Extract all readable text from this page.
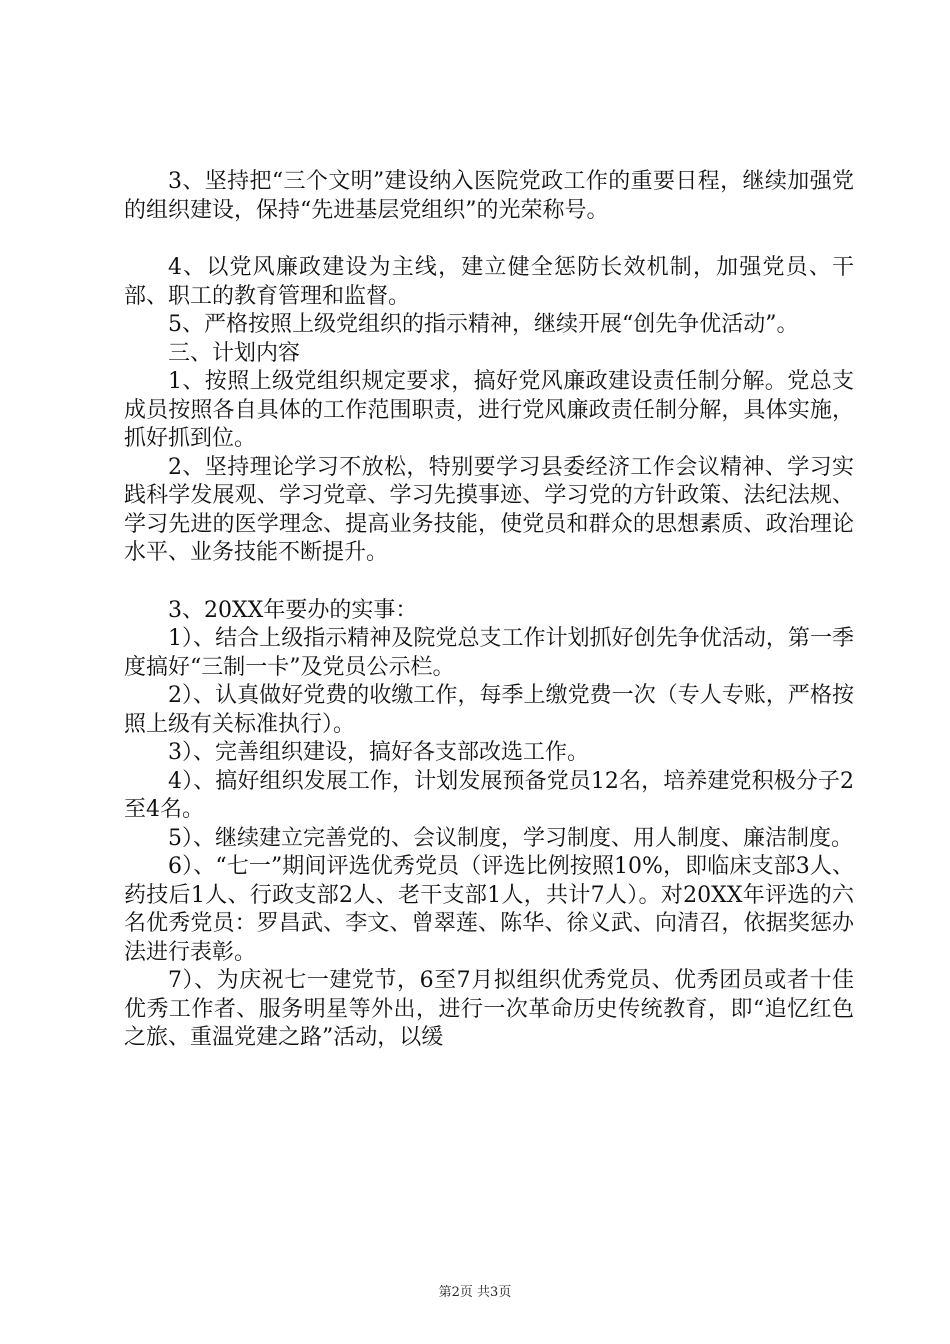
3、坚持把“三个文明”建设纳入医院党政工作的重要日程，继续加强党的组织建设，保持“先进基层党组织”的光荣称号。

4、以党风廉政建设为主线，建立健全惩防长效机制，加强党员、干部、职工的教育管理和监督。

5、严格按照上级党组织的指示精神，继续开展“创先争优活动”。

三、计划内容

1、按照上级党组织规定要求，搞好党风廉政建设责任制分解。党总支成员按照各自具体的工作范围职责，进行党风廉政责任制分解，具体实施，抓好抓到位。

2、坚持理论学习不放松，特别要学习县委经济工作会议精神、学习实践科学发展观、学习党章、学习先摸事迹、学习党的方针政策、法纪法规、学习先进的医学理念、提高业务技能，使党员和群众的思想素质、政治理论水平、业务技能不断提升。

3、20XX年要办的实事：

1）、结合上级指示精神及院党总支工作计划抓好创先争优活动，第一季度搞好“三制一卡”及党员公示栏。

2）、认真做好党费的收缴工作，每季上缴党费一次（专人专账，严格按照上级有关标准执行）。

3）、完善组织建设，搞好各支部改选工作。

4）、搞好组织发展工作，计划发展预备党员12名，培养建党积极分子2至4名。

5）、继续建立完善党的、会议制度，学习制度、用人制度、廉洁制度。

6）、“七一”期间评选优秀党员（评选比例按照10%，即临床支部3人、药技后1人、行政支部2人、老干支部1人，共计7人）。对20XX年评选的六名优秀党员：罗昌武、李文、曾翠莲、陈华、徐义武、向清召，依据奖惩办法进行表彰。

7）、为庆祝七一建党节，6至7月拟组织优秀党员、优秀团员或者十佳优秀工作者、服务明星等外出，进行一次革命历史传统教育，即“追忆红色之旅、重温党建之路”活动，以缓

第2页 共3页
